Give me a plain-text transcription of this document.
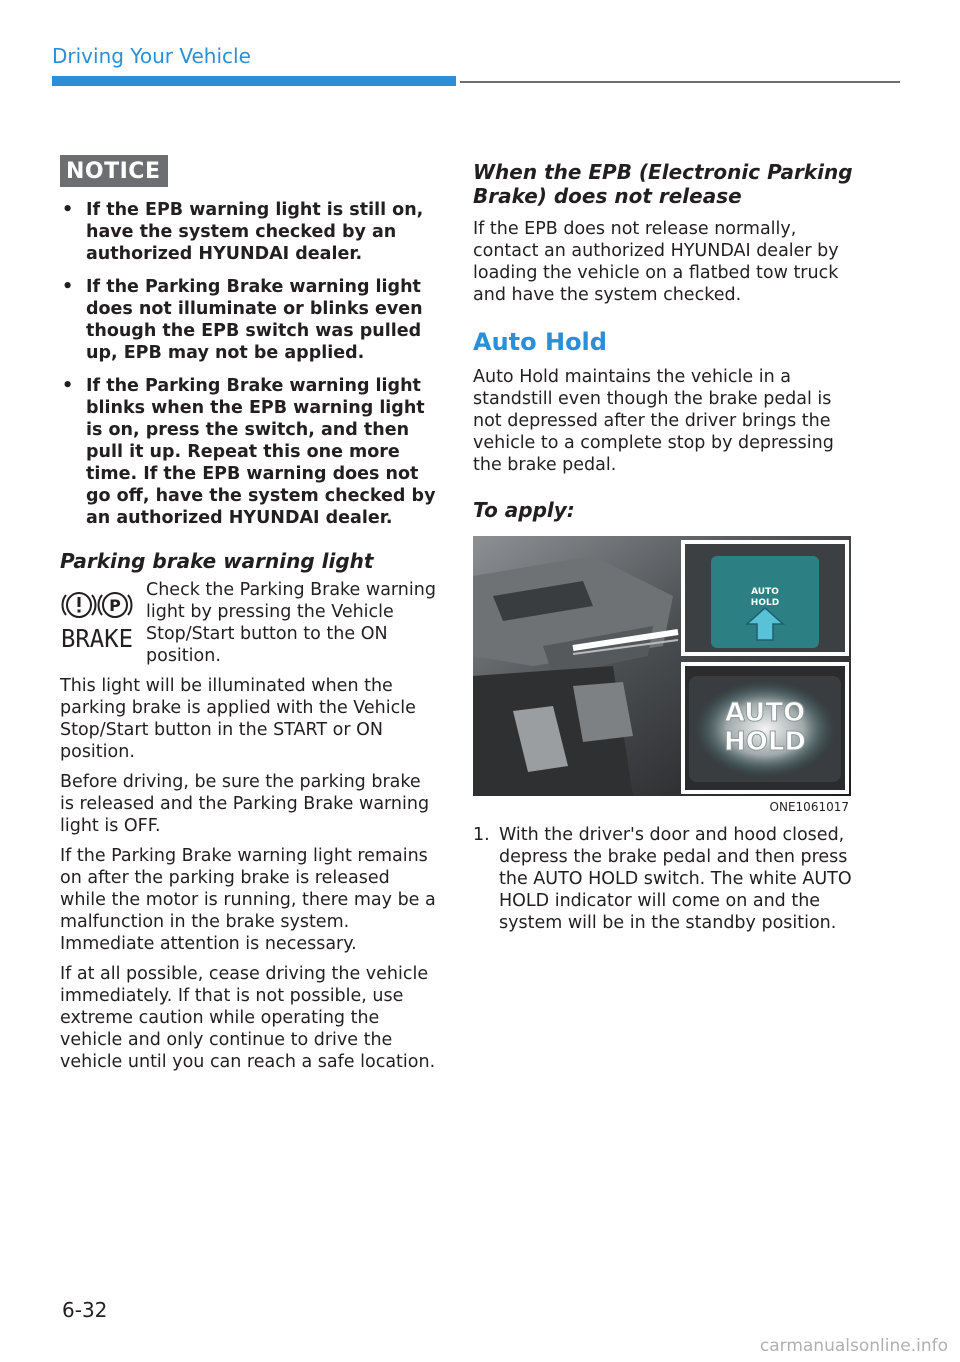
Driving Your Vehicle
NOTICE
• If the EPB warning light is still on, have the system checked by an authorized HYUNDAI dealer.
• If the Parking Brake warning light does not illuminate or blinks even though the EPB switch was pulled up, EPB may not be applied.
• If the Parking Brake warning light blinks when the EPB warning light is on, press the switch, and then pull it up. Repeat this one more time. If the EPB warning does not go off, have the system checked by an authorized HYUNDAI dealer.
Parking brake warning light
P
BRAKE

Check the Parking Brake warning light by pressing the Vehicle Stop/Start button to the ON position.

This light will be illuminated when the parking brake is applied with the Vehicle Stop/Start button in the START or ON position.

Before driving, be sure the parking brake is released and the Parking Brake warning light is OFF.

If the Parking Brake warning light remains on after the parking brake is released while the motor is running, there may be a malfunction in the brake system. Immediate attention is necessary.

If at all possible, cease driving the vehicle immediately. If that is not possible, use extreme caution while operating the vehicle and only continue to drive the vehicle until you can reach a safe location.

When the EPB (Electronic Parking Brake) does not release

If the EPB does not release normally, contact an authorized HYUNDAI dealer by loading the vehicle on a flatbed tow truck and have the system checked.

Auto Hold

Auto Hold maintains the vehicle in a standstill even though the brake pedal is not depressed after the driver brings the vehicle to a complete stop by depressing the brake pedal.

To apply:
AUTO
HOLD
AUTO
HOLD
ONE1061017
1. With the driver's door and hood closed, depress the brake pedal and then press the AUTO HOLD switch. The white AUTO HOLD indicator will come on and the system will be in the standby position.
6-32
carmanualsonline.info
